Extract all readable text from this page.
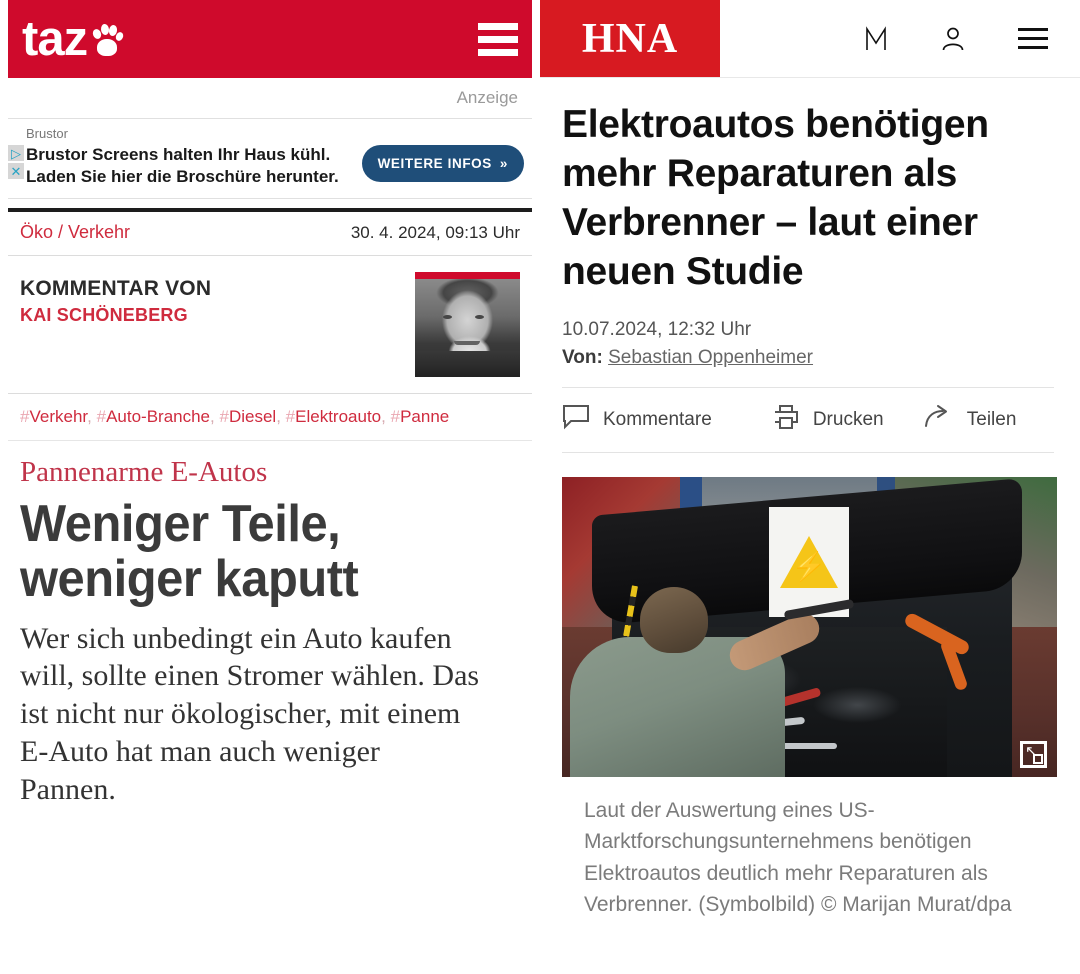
taz
Anzeige
Brustor
▷
✕
Brustor Screens halten Ihr Haus kühl.
Laden Sie hier die Broschüre herunter.
WEITERE INFOS »
Öko / Verkehr	30. 4. 2024, 09:13 Uhr
KOMMENTAR VON
KAI SCHÖNEBERG
#Verkehr, #Auto-Branche, #Diesel, #Elektroauto, #Panne
Pannenarme E-Autos
Weniger Teile,
weniger kaputt
Wer sich unbedingt ein Auto kaufen will, sollte einen Stromer wählen. Das ist nicht nur ökologischer, mit einem E-Auto hat man auch weniger Pannen.
HNA
Elektroautos benötigen mehr Reparaturen als Verbrenner – laut einer neuen Studie
10.07.2024, 12:32 Uhr
Von: Sebastian Oppenheimer
Kommentare	Drucken	Teilen
⚡
↖
Laut der Auswertung eines US-Marktforschungsunternehmens benötigen Elektroautos deutlich mehr Reparaturen als Verbrenner. (Symbolbild) © Marijan Murat/dpa
